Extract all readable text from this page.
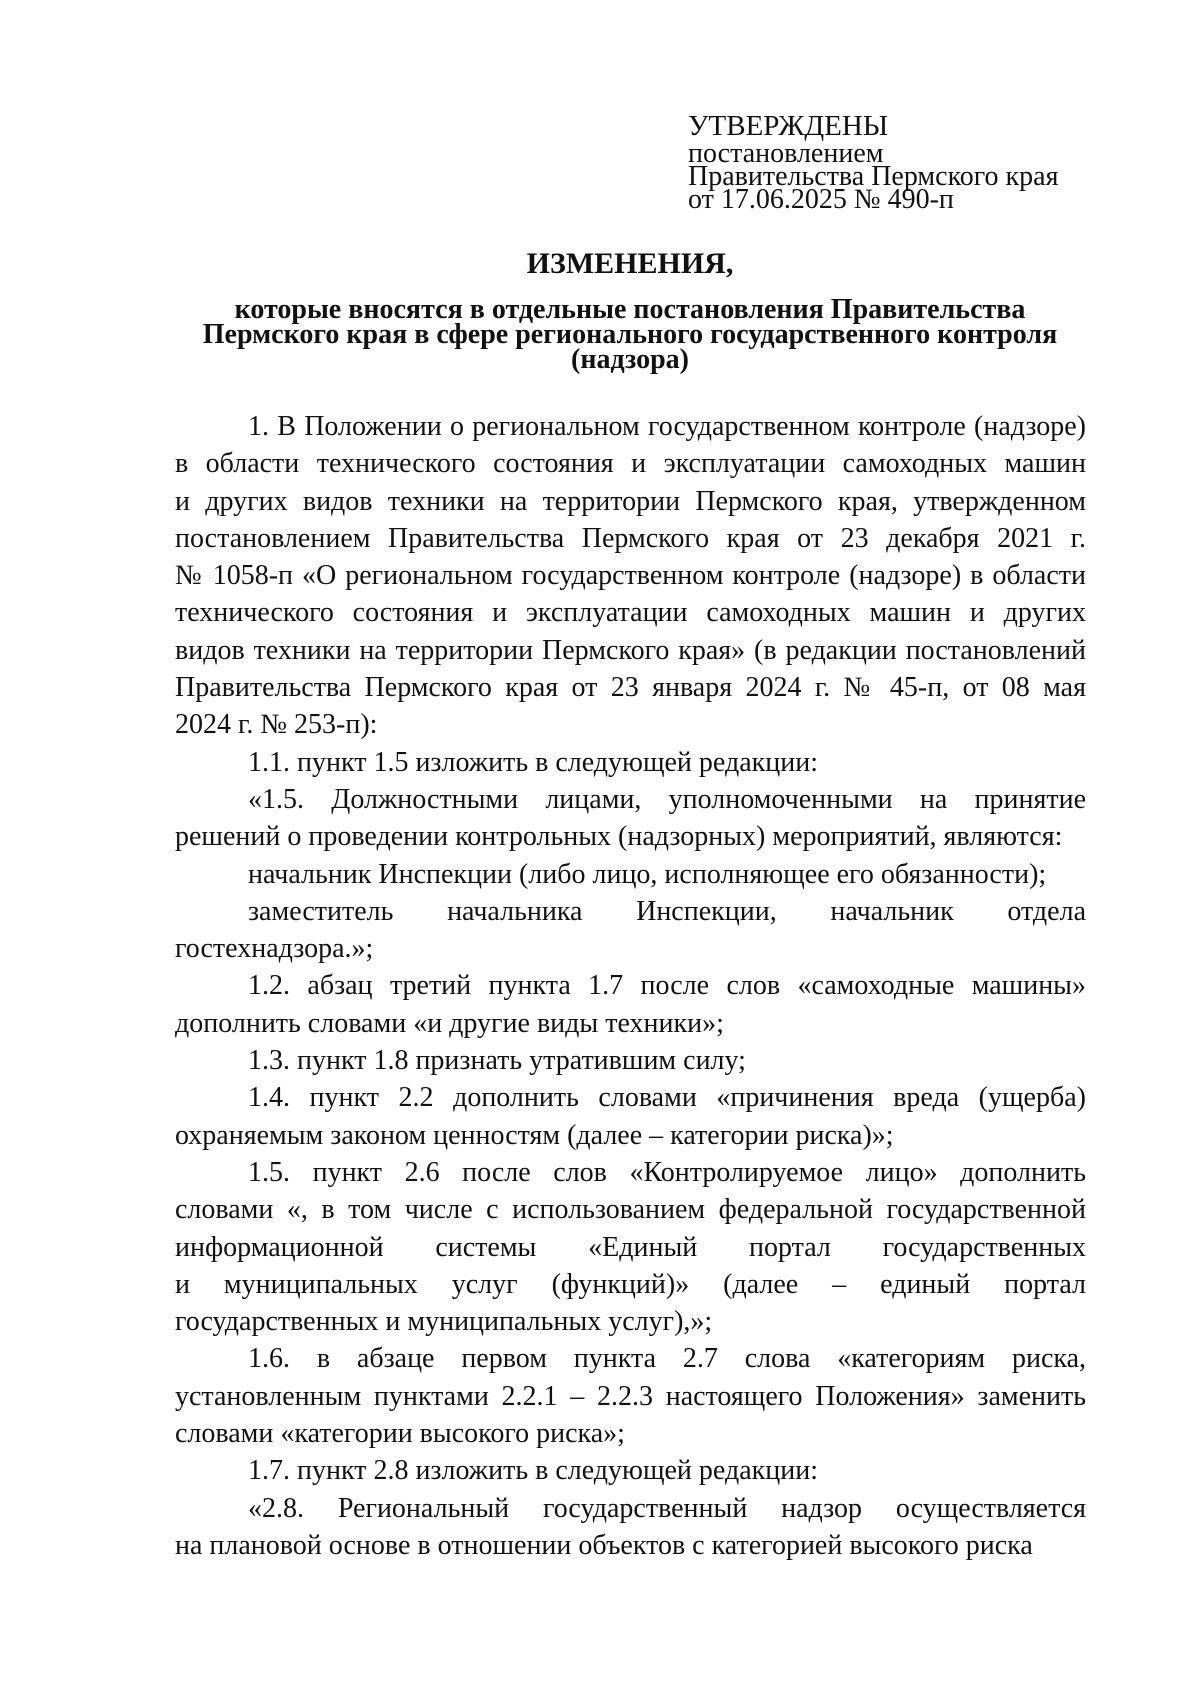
УТВЕРЖДЕНЫ
постановлением
Правительства Пермского края
от 17.06.2025 № 490-п
ИЗМЕНЕНИЯ,
которые вносятся в отдельные постановления Правительства
Пермского края в сфере регионального государственного контроля
(надзора)
1. В Положении о региональном государственном контроле (надзоре)
в области технического состояния и эксплуатации самоходных машин
и других видов техники на территории Пермского края, утвержденном
постановлением Правительства Пермского края от 23 декабря 2021 г.
№ 1058-п «О региональном государственном контроле (надзоре) в области
технического состояния и эксплуатации самоходных машин и других
видов техники на территории Пермского края» (в редакции постановлений
Правительства Пермского края от 23 января 2024 г. № 45-п, от 08 мая
2024 г. № 253-п):
1.1. пункт 1.5 изложить в следующей редакции:
«1.5. Должностными лицами, уполномоченными на принятие
решений о проведении контрольных (надзорных) мероприятий, являются:
начальник Инспекции (либо лицо, исполняющее его обязанности);
заместитель начальника Инспекции, начальник отдела
гостехнадзора.»;
1.2. абзац третий пункта 1.7 после слов «самоходные машины»
дополнить словами «и другие виды техники»;
1.3. пункт 1.8 признать утратившим силу;
1.4. пункт 2.2 дополнить словами «причинения вреда (ущерба)
охраняемым законом ценностям (далее – категории риска)»;
1.5. пункт 2.6 после слов «Контролируемое лицо» дополнить
словами «, в том числе с использованием федеральной государственной
информационной системы «Единый портал государственных
и муниципальных услуг (функций)» (далее – единый портал
государственных и муниципальных услуг),»;
1.6. в абзаце первом пункта 2.7 слова «категориям риска,
установленным пунктами 2.2.1 – 2.2.3 настоящего Положения» заменить
словами «категории высокого риска»;
1.7. пункт 2.8 изложить в следующей редакции:
«2.8. Региональный государственный надзор осуществляется
на плановой основе в отношении объектов с категорией высокого риска
